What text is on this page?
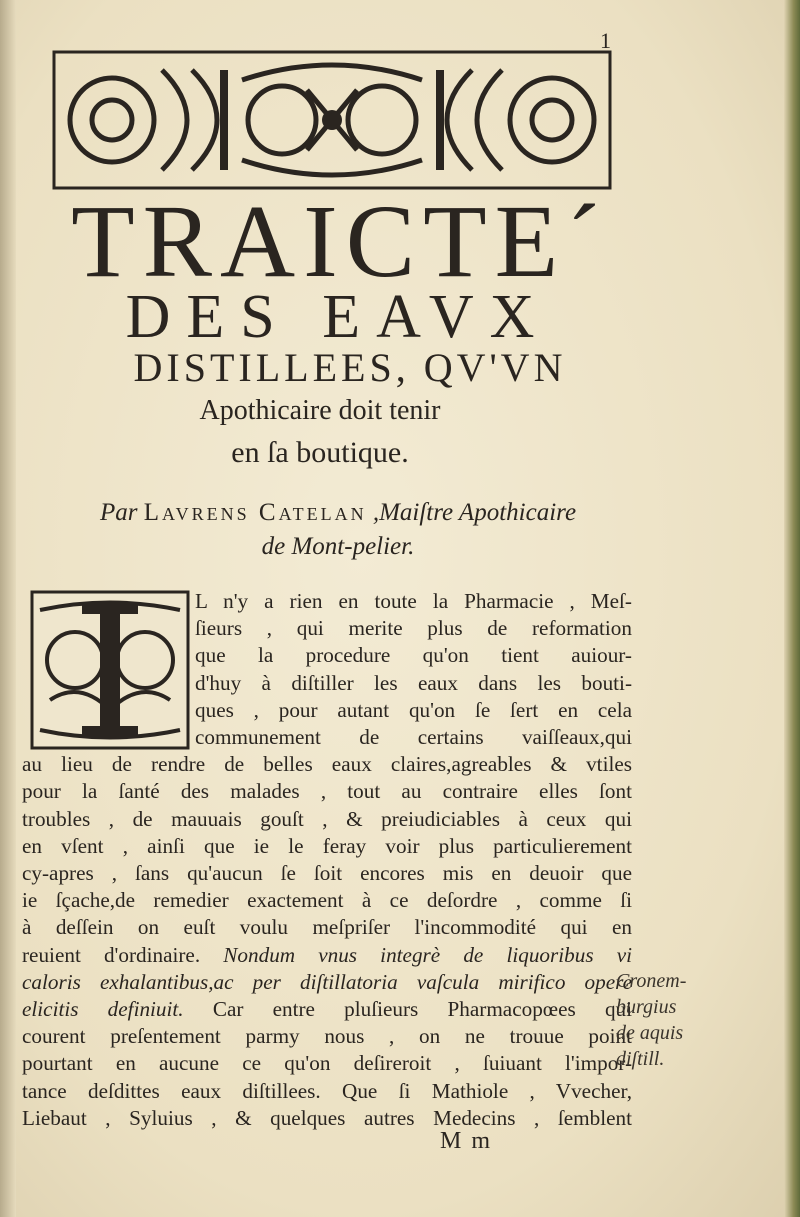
1
TRAICTE´
DES EAVX
DISTILLEES, QV'VN
Apothicaire doit tenir
en ſa boutique.
Par Lavrens Catelan ,Maiſtre Apothicaire
de Mont-pelier.
L n'y a rien en toute la Pharmacie , Meſ-
ſieurs , qui merite plus de reformation
que la procedure qu'on tient auiour-
d'huy à diſtiller les eaux dans les bouti-
ques , pour autant qu'on ſe ſert en cela
communement de certains vaiſſeaux,qui
au lieu de rendre de belles eaux claires,agreables & vtiles
pour la ſanté des malades , tout au contraire elles ſont
troubles , de mauuais gouſt , & preiudiciables à ceux qui
en vſent , ainſi que ie le feray voir plus particulierement
cy-apres , ſans qu'aucun ſe ſoit encores mis en deuoir que
ie ſçache,de remedier exactement à ce deſordre , comme ſi
à deſſein on euſt voulu meſpriſer l'incommodité qui en
reuient d'ordinaire. Nondum vnus integrè de liquoribus vi
caloris exhalantibus,ac per diſtillatoria vaſcula mirifico opere
elicitis definiuit. Car entre pluſieurs Pharmacopœes qui
courent preſentement parmy nous , on ne trouue point
pourtant en aucune ce qu'on deſireroit , ſuiuant l'impor-
tance deſdittes eaux diſtillees. Que ſi Mathiole , Vvecher,
Liebaut , Syluius , & quelques autres Medecins , ſemblent
Cronem-
burgius
de aquis
diſtill.
M m
